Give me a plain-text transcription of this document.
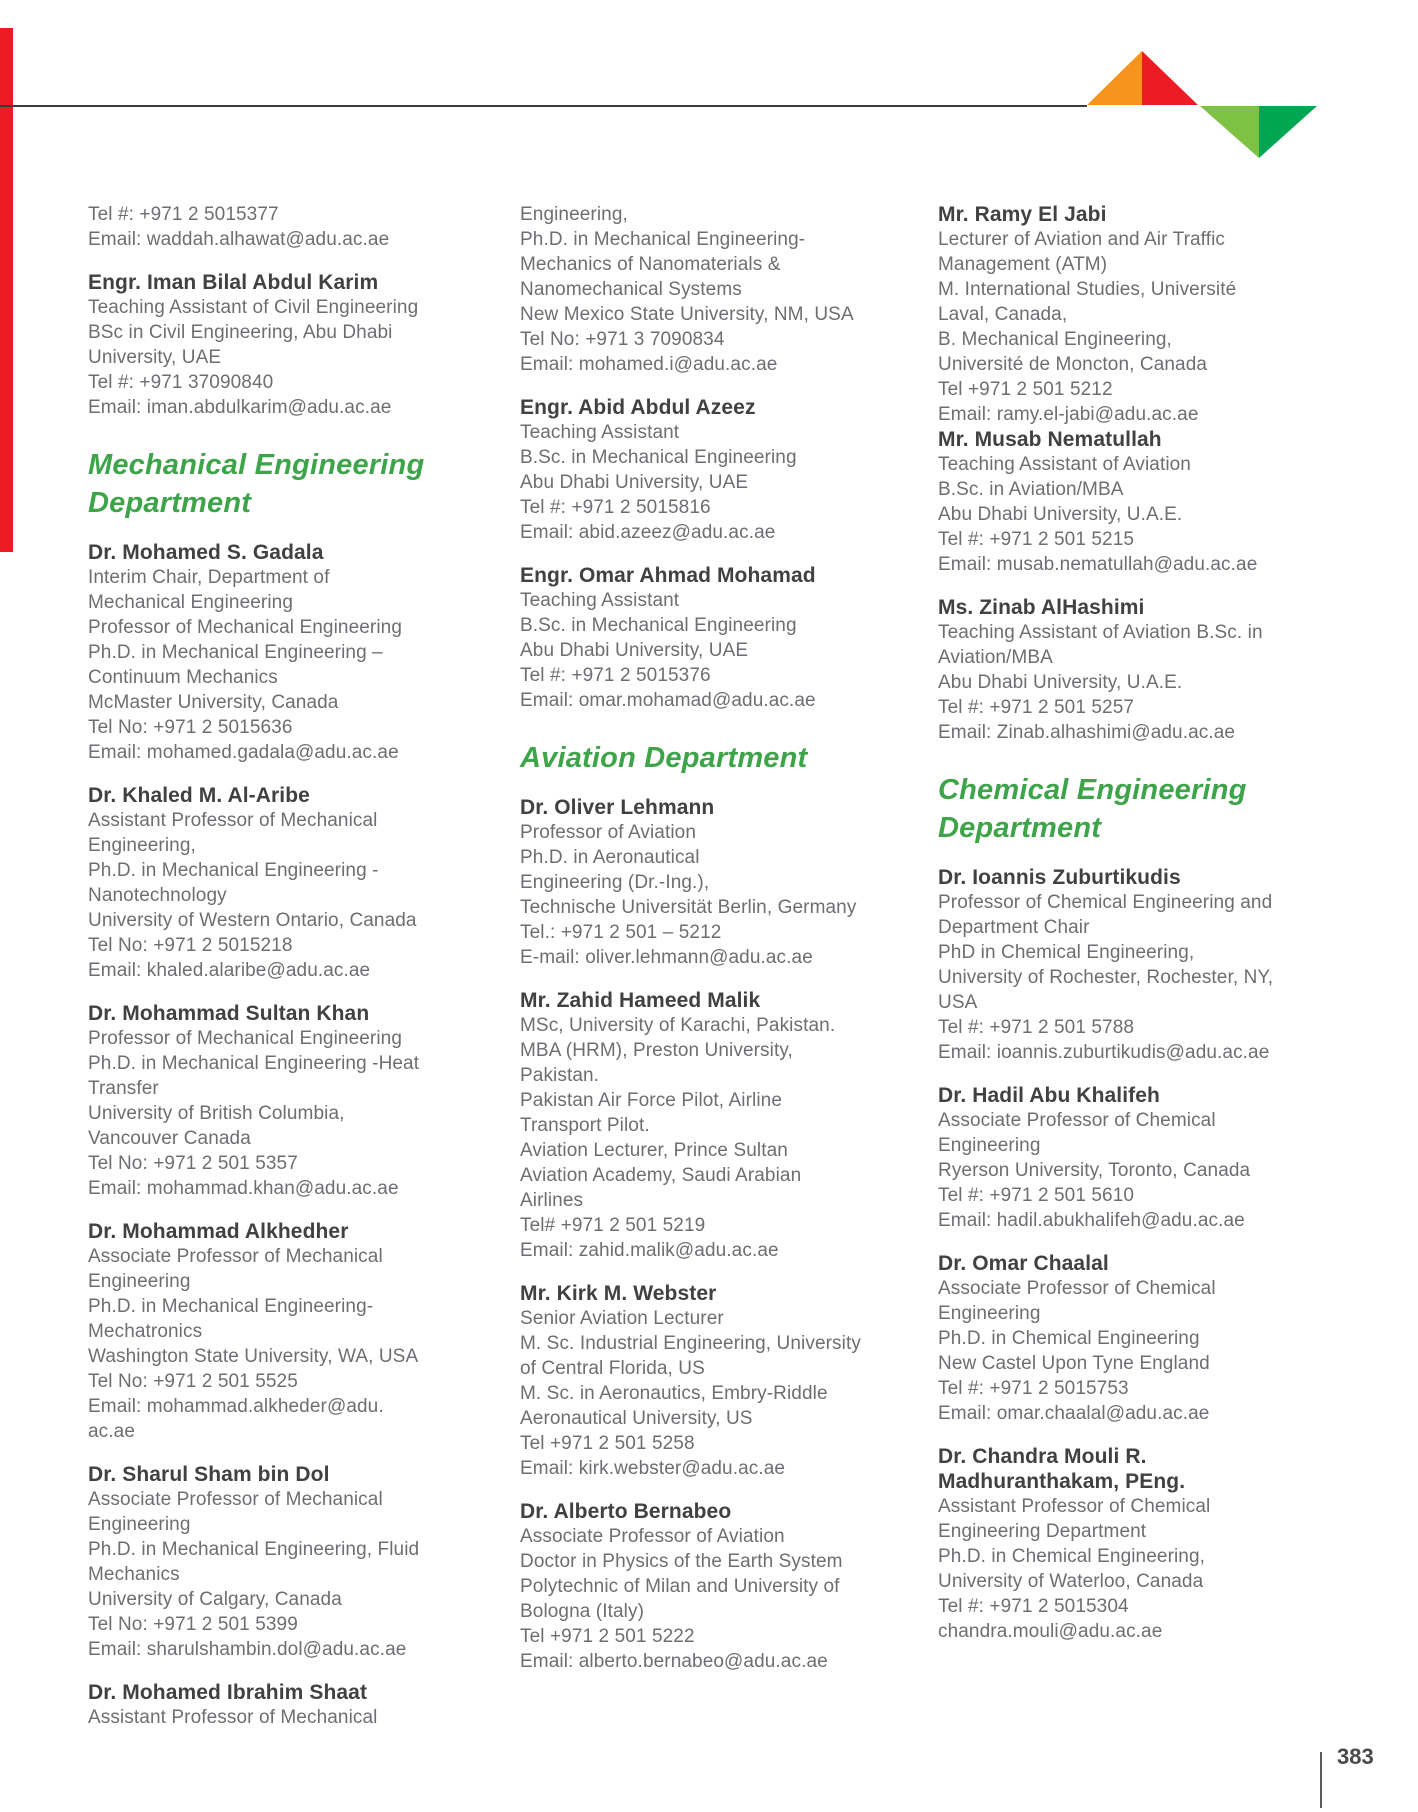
Tel #: +971 2 5015377
Email: waddah.alhawat@adu.ac.ae
Engr. Iman Bilal Abdul Karim
Teaching Assistant of Civil Engineering
BSc in Civil Engineering, Abu Dhabi
University, UAE
Tel #: +971 37090840
Email: iman.abdulkarim@adu.ac.ae
Mechanical Engineering Department
Dr. Mohamed S. Gadala
Interim Chair, Department of
Mechanical Engineering
Professor of Mechanical Engineering
Ph.D. in Mechanical Engineering –
Continuum Mechanics
McMaster University, Canada
Tel No: +971 2 5015636
Email: mohamed.gadala@adu.ac.ae
Dr. Khaled M. Al-Aribe
Assistant Professor of Mechanical
Engineering,
Ph.D. in Mechanical Engineering -
Nanotechnology
University of Western Ontario, Canada
Tel No: +971 2 5015218
Email: khaled.alaribe@adu.ac.ae
Dr. Mohammad Sultan Khan
Professor of Mechanical Engineering
Ph.D. in Mechanical Engineering -Heat
Transfer
University of British Columbia,
Vancouver Canada
Tel No: +971 2 501 5357
Email: mohammad.khan@adu.ac.ae
Dr. Mohammad Alkhedher
Associate Professor of Mechanical
Engineering
Ph.D. in Mechanical Engineering-
Mechatronics
Washington State University, WA, USA
Tel No: +971 2 501 5525
Email: mohammad.alkheder@adu.
ac.ae
Dr. Sharul Sham bin Dol
Associate Professor of Mechanical
Engineering
Ph.D. in Mechanical Engineering, Fluid
Mechanics
University of Calgary, Canada
Tel No: +971 2 501 5399
Email: sharulshambin.dol@adu.ac.ae
Dr. Mohamed Ibrahim Shaat
Assistant Professor of Mechanical
Engineering,
Ph.D. in Mechanical Engineering-
Mechanics of Nanomaterials &
Nanomechanical Systems
New Mexico State University, NM, USA
Tel No: +971 3 7090834
Email: mohamed.i@adu.ac.ae
Engr. Abid Abdul Azeez
Teaching Assistant
B.Sc. in Mechanical Engineering
Abu Dhabi University, UAE
Tel #: +971 2 5015816
Email: abid.azeez@adu.ac.ae
Engr. Omar Ahmad Mohamad
Teaching Assistant
B.Sc. in Mechanical Engineering
Abu Dhabi University, UAE
Tel #: +971 2 5015376
Email: omar.mohamad@adu.ac.ae
Aviation Department
Dr. Oliver Lehmann
Professor of Aviation
Ph.D. in Aeronautical
Engineering (Dr.-Ing.),
Technische Universität Berlin, Germany
Tel.: +971 2 501 – 5212
E-mail: oliver.lehmann@adu.ac.ae
Mr. Zahid Hameed Malik
MSc, University of Karachi, Pakistan.
MBA (HRM), Preston University,
Pakistan.
Pakistan Air Force Pilot, Airline
Transport Pilot.
Aviation Lecturer, Prince Sultan
Aviation Academy, Saudi Arabian
Airlines
Tel# +971 2 501 5219
Email: zahid.malik@adu.ac.ae
Mr. Kirk M. Webster
Senior Aviation Lecturer
M. Sc. Industrial Engineering, University
of Central Florida, US
M. Sc. in Aeronautics, Embry-Riddle
Aeronautical University, US
Tel +971 2 501 5258
Email: kirk.webster@adu.ac.ae
Dr. Alberto Bernabeo
Associate Professor of Aviation
Doctor in Physics of the Earth System
Polytechnic of Milan and University of
Bologna (Italy)
Tel +971 2 501 5222
Email: alberto.bernabeo@adu.ac.ae
Mr. Ramy El Jabi
Lecturer of Aviation and Air Traffic
Management (ATM)
M. International Studies, Université
Laval, Canada,
B. Mechanical Engineering,
Université de Moncton, Canada
Tel +971 2 501 5212
Email: ramy.el-jabi@adu.ac.ae
Mr. Musab Nematullah
Teaching Assistant of Aviation
B.Sc. in Aviation/MBA
Abu Dhabi University, U.A.E.
Tel #: +971 2 501 5215
Email: musab.nematullah@adu.ac.ae
Ms. Zinab AlHashimi
Teaching Assistant of Aviation B.Sc. in
Aviation/MBA
Abu Dhabi University, U.A.E.
Tel #: +971 2 501 5257
Email: Zinab.alhashimi@adu.ac.ae
Chemical Engineering Department
Dr. Ioannis Zuburtikudis
Professor of Chemical Engineering and
Department Chair
PhD in Chemical Engineering,
University of Rochester, Rochester, NY,
USA
Tel #: +971 2 501 5788
Email: ioannis.zuburtikudis@adu.ac.ae
Dr. Hadil Abu Khalifeh
Associate Professor of Chemical
Engineering
Ryerson University, Toronto, Canada
Tel #: +971 2 501 5610
Email: hadil.abukhalifeh@adu.ac.ae
Dr. Omar Chaalal
Associate Professor of Chemical
Engineering
Ph.D. in Chemical Engineering
New Castel Upon Tyne England
Tel #: +971 2 5015753
Email: omar.chaalal@adu.ac.ae
Dr. Chandra Mouli R. Madhuranthakam, PEng.
Assistant Professor of Chemical
Engineering Department
Ph.D. in Chemical Engineering,
University of Waterloo, Canada
Tel #: +971 2 5015304
chandra.mouli@adu.ac.ae
383
